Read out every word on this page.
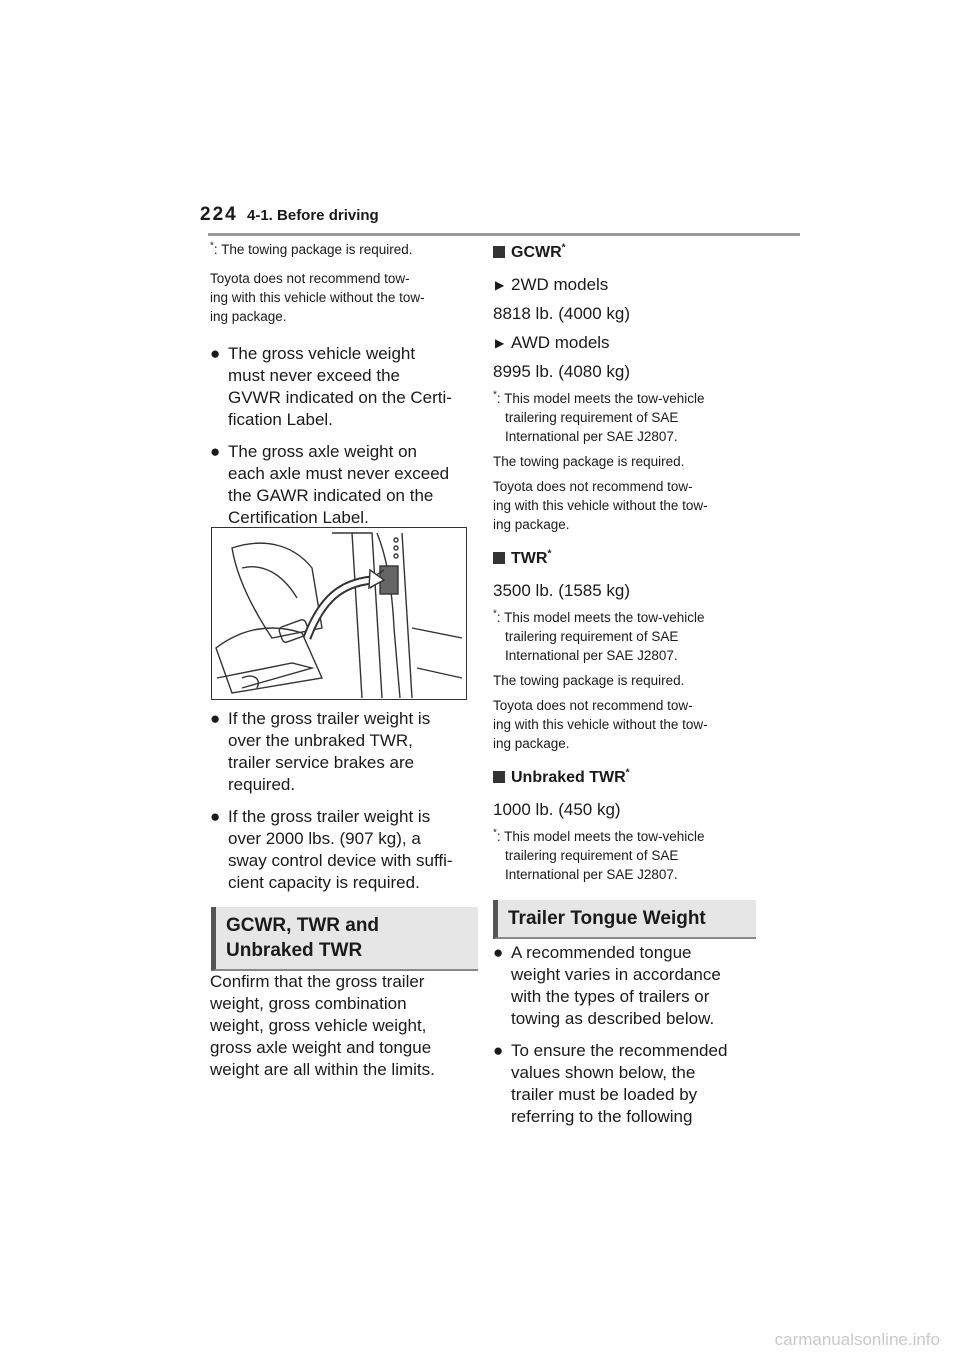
224 4-1. Before driving
*: The towing package is required.
Toyota does not recommend tow-
ing with this vehicle without the tow-
ing package.
● The gross vehicle weight
must never exceed the
GVWR indicated on the Certi-
fication Label.
● The gross axle weight on
each axle must never exceed
the GAWR indicated on the
Certification Label.
● If the gross trailer weight is
over the unbraked TWR,
trailer service brakes are
required.
● If the gross trailer weight is
over 2000 lbs. (907 kg), a
sway control device with suffi-
cient capacity is required.
GCWR, TWR and
Unbraked TWR
Confirm that the gross trailer
weight, gross combination
weight, gross vehicle weight,
gross axle weight and tongue
weight are all within the limits.
GCWR*
▶ 2WD models
8818 lb. (4000 kg)
▶ AWD models
8995 lb. (4080 kg)
*: This model meets the tow-vehicle
trailering requirement of SAE
International per SAE J2807.
The towing package is required.
Toyota does not recommend tow-
ing with this vehicle without the tow-
ing package.
TWR*
3500 lb. (1585 kg)
*: This model meets the tow-vehicle
trailering requirement of SAE
International per SAE J2807.
The towing package is required.
Toyota does not recommend tow-
ing with this vehicle without the tow-
ing package.
Unbraked TWR*
1000 lb. (450 kg)
*: This model meets the tow-vehicle
trailering requirement of SAE
International per SAE J2807.
Trailer Tongue Weight
● A recommended tongue
weight varies in accordance
with the types of trailers or
towing as described below.
● To ensure the recommended
values shown below, the
trailer must be loaded by
referring to the following
carmanualsonline.info
